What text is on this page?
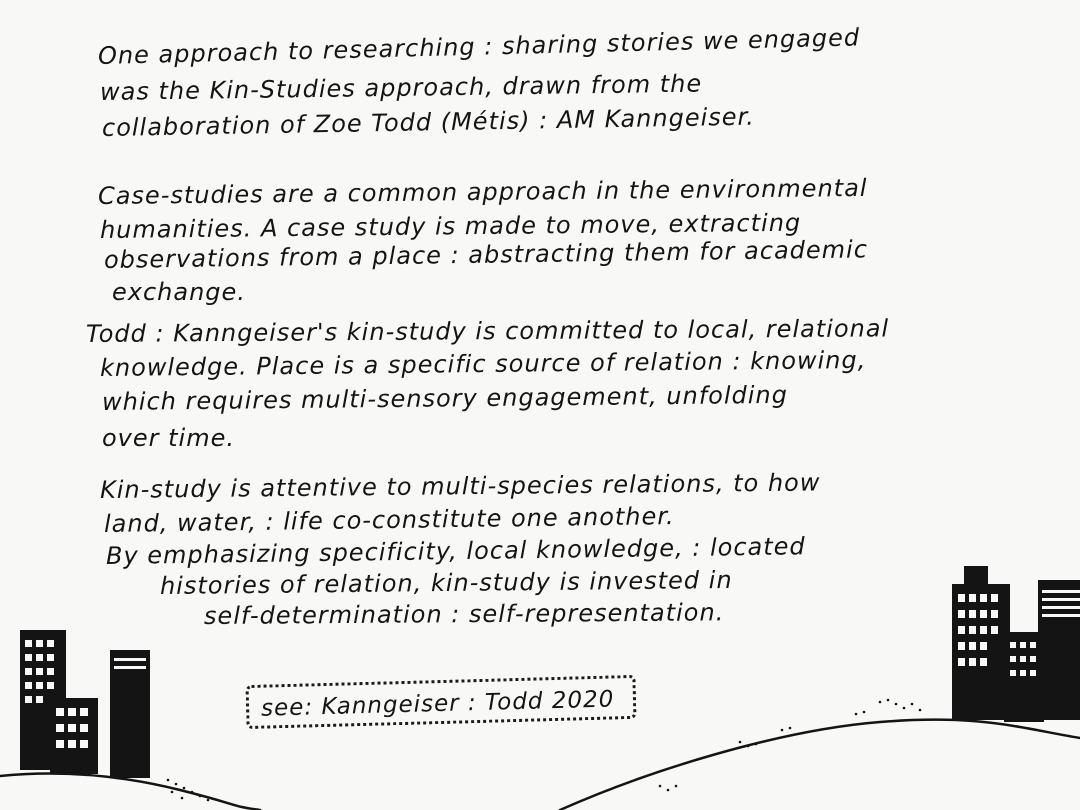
One approach to researching : sharing stories we engaged
was the Kin-Studies approach, drawn from the
collaboration of Zoe Todd (Métis) : AM Kanngeiser.
Case-studies are a common approach in the environmental
humanities. A case study is made to move, extracting
observations from a place : abstracting them for academic
exchange.
Todd : Kanngeiser's kin-study is committed to local, relational
knowledge. Place is a specific source of relation : knowing,
which requires multi-sensory engagement, unfolding
over time.
Kin-study is attentive to multi-species relations, to how
land, water, : life co-constitute one another.
By emphasizing specificity, local knowledge, : located
histories of relation, kin-study is invested in
self-determination : self-representation.
see: Kanngeiser : Todd 2020
